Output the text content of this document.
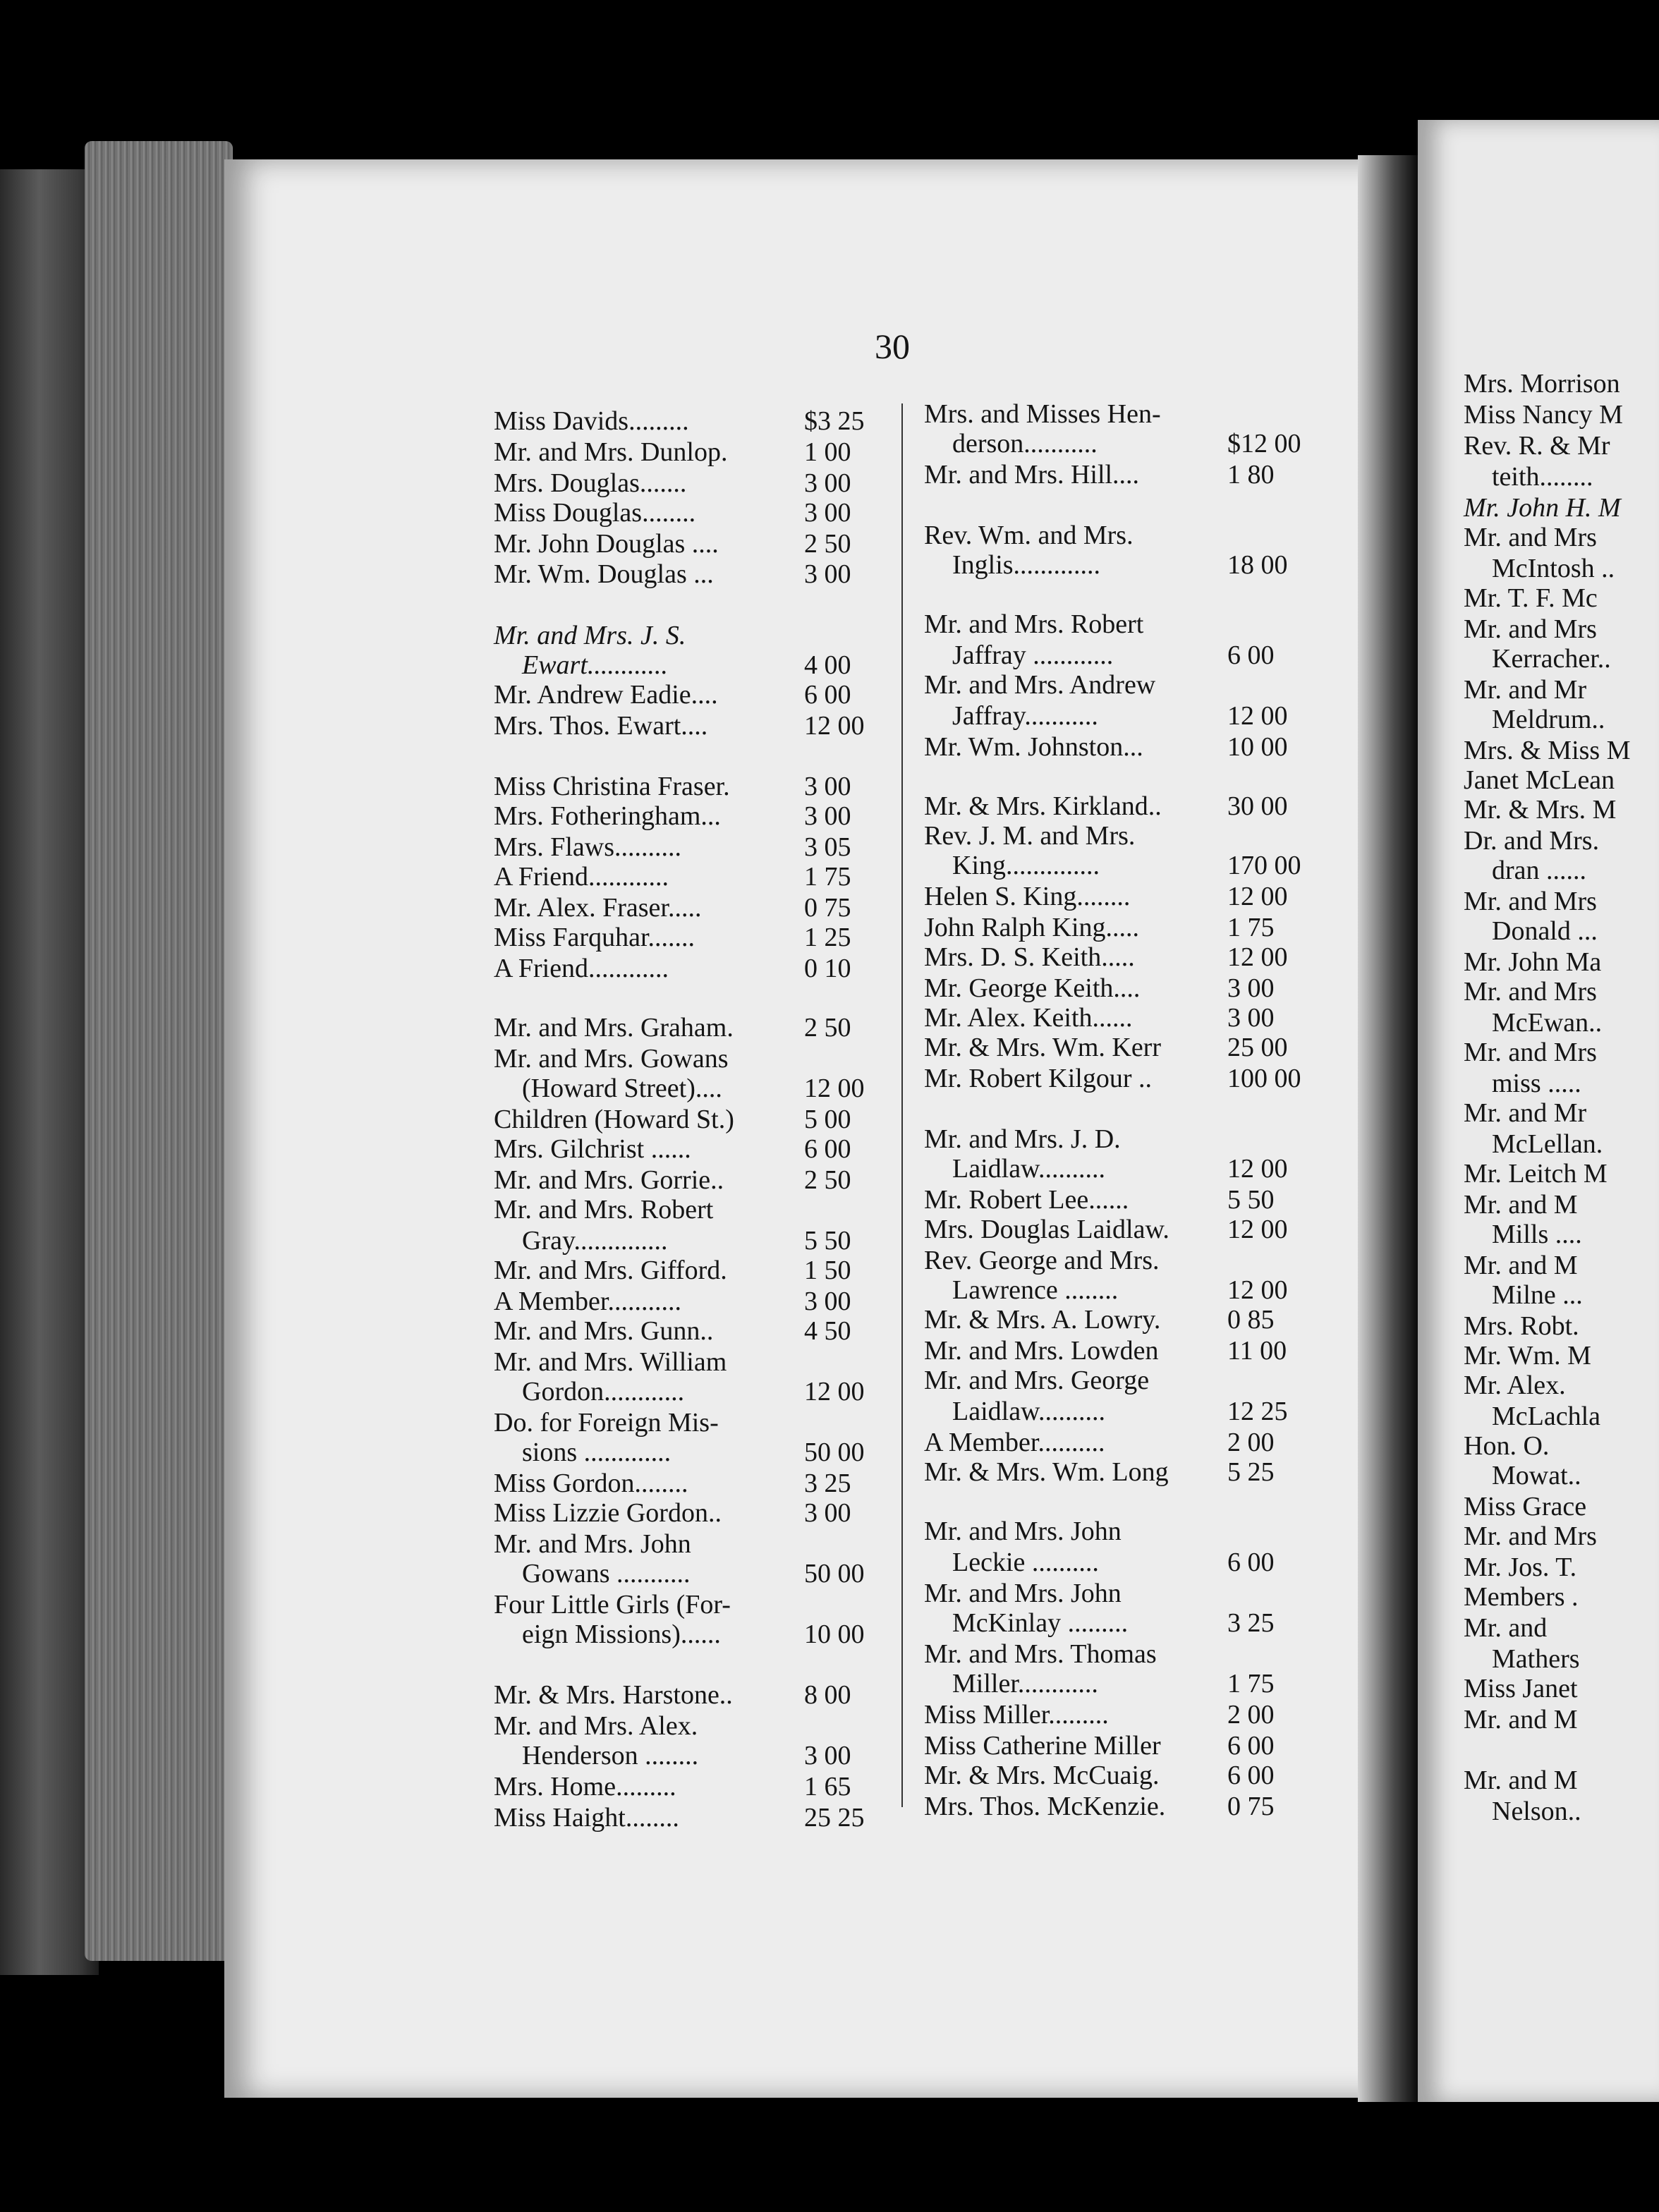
30
Miss Davids.........	$3 25
Mr. and Mrs. Dunlop.	1 00
Mrs. Douglas.......	3 00
Miss Douglas........	3 00
Mr. John Douglas ....	2 50
Mr. Wm. Douglas ...	3 00
Mr. and Mrs. J. S.
Ewart............	4 00
Mr. Andrew Eadie....	6 00
Mrs. Thos. Ewart....	12 00
Miss Christina Fraser.	3 00
Mrs. Fotheringham...	3 00
Mrs. Flaws..........	3 05
A Friend............	1 75
Mr. Alex. Fraser.....	0 75
Miss Farquhar.......	1 25
A Friend............	0 10
Mr. and Mrs. Graham.	2 50
Mr. and Mrs. Gowans
(Howard Street)....	12 00
Children (Howard St.)	5 00
Mrs. Gilchrist ......	6 00
Mr. and Mrs. Gorrie..	2 50
Mr. and Mrs. Robert
Gray..............	5 50
Mr. and Mrs. Gifford.	1 50
A Member...........	3 00
Mr. and Mrs. Gunn..	4 50
Mr. and Mrs. William
Gordon............	12 00
Do. for Foreign Mis-
sions .............	50 00
Miss Gordon........	3 25
Miss Lizzie Gordon..	3 00
Mr. and Mrs. John
Gowans ...........	50 00
Four Little Girls (For-
eign Missions)......	10 00
Mr. & Mrs. Harstone..	8 00
Mr. and Mrs. Alex.
Henderson ........	3 00
Mrs. Home.........	1 65
Miss Haight........	25 25
Mrs. and Misses Hen-
derson...........	$12 00
Mr. and Mrs. Hill....	1 80
Rev. Wm. and Mrs.
Inglis.............	18 00
Mr. and Mrs. Robert
Jaffray ............	6 00
Mr. and Mrs. Andrew
Jaffray...........	12 00
Mr. Wm. Johnston...	10 00
Mr. & Mrs. Kirkland.. 30 00
Rev. J. M. and Mrs.
King..............	170 00
Helen S. King........	12 00
John Ralph King.....	1 75
Mrs. D. S. Keith.....	12 00
Mr. George Keith....	3 00
Mr. Alex. Keith......	3 00
Mr. & Mrs. Wm. Kerr 25 00
Mr. Robert Kilgour ..	100 00
Mr. and Mrs. J. D.
Laidlaw..........	12 00
Mr. Robert Lee......	5 50
Mrs. Douglas Laidlaw. 12 00
Rev. George and Mrs.
Lawrence ........	12 00
Mr. & Mrs. A. Lowry. 0 85
Mr. and Mrs. Lowden	11 00
Mr. and Mrs. George
Laidlaw..........	12 25
A Member..........	2 00
Mr. & Mrs. Wm. Long 5 25
Mr. and Mrs. John
Leckie ..........	6 00
Mr. and Mrs. John
McKinlay .........	3 25
Mr. and Mrs. Thomas
Miller............	1 75
Miss Miller.........	2 00
Miss Catherine Miller 6 00
Mr. & Mrs. McCuaig.	6 00
Mrs. Thos. McKenzie. 0 75
Mrs. Morrison
Miss Nancy M
Rev. R. & Mr
teith........
Mr. John H. M
Mr. and Mrs
McIntosh ..
Mr. T. F. Mc
Mr. and Mrs
Kerracher..
Mr. and Mr
Meldrum..
Mrs. & Miss M
Janet McLean
Mr. & Mrs. M
Dr. and Mrs.
dran ......
Mr. and Mrs
Donald ...
Mr. John Ma
Mr. and Mrs
McEwan..
Mr. and Mrs
miss .....
Mr. and Mr
McLellan.
Mr. Leitch M
Mr. and M
Mills ....
Mr. and M
Milne ...
Mrs. Robt.
Mr. Wm. M
Mr. Alex.
McLachla
Hon. O.
Mowat..
Miss Grace
Mr. and Mrs
Mr. Jos. T.
Members .
Mr. and
Mathers
Miss Janet
Mr. and M
Mr. and M
Nelson..
